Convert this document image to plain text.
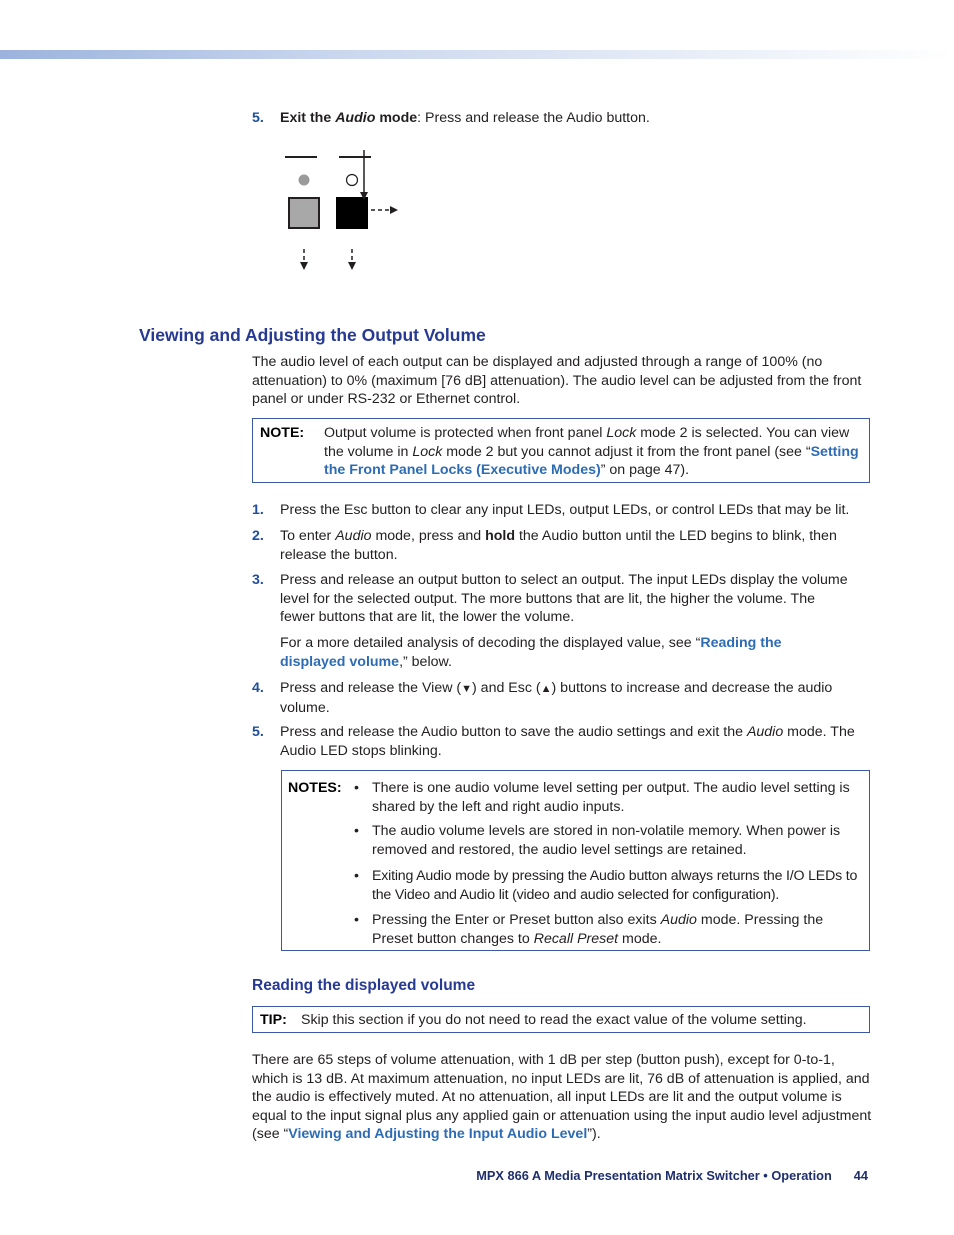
5. Exit the Audio mode: Press and release the Audio button.
Viewing and Adjusting the Output Volume
The audio level of each output can be displayed and adjusted through a range of 100% (no attenuation) to 0% (maximum [76 dB] attenuation). The audio level can be adjusted from the front panel or under RS-232 or Ethernet control.
NOTE: Output volume is protected when front panel Lock mode 2 is selected. You can view the volume in Lock mode 2 but you cannot adjust it from the front panel (see “Setting the Front Panel Locks (Executive Modes)” on page 47).
1. Press the Esc button to clear any input LEDs, output LEDs, or control LEDs that may be lit.
2. To enter Audio mode, press and hold the Audio button until the LED begins to blink, then release the button.
3. Press and release an output button to select an output. The input LEDs display the volume level for the selected output. The more buttons that are lit, the higher the volume. The fewer buttons that are lit, the lower the volume.
For a more detailed analysis of decoding the displayed value, see “Reading the displayed volume,” below.
4. Press and release the View (▼) and Esc (▲) buttons to increase and decrease the audio volume.
5. Press and release the Audio button to save the audio settings and exit the Audio mode. The Audio LED stops blinking.
NOTES: • There is one audio volume level setting per output. The audio level setting is shared by the left and right audio inputs.
• The audio volume levels are stored in non-volatile memory. When power is removed and restored, the audio level settings are retained.
• Exiting Audio mode by pressing the Audio button always returns the I/O LEDs to the Video and Audio lit (video and audio selected for configuration).
• Pressing the Enter or Preset button also exits Audio mode. Pressing the Preset button changes to Recall Preset mode.
Reading the displayed volume
TIP: Skip this section if you do not need to read the exact value of the volume setting.
There are 65 steps of volume attenuation, with 1 dB per step (button push), except for 0-to-1, which is 13 dB. At maximum attenuation, no input LEDs are lit, 76 dB of attenuation is applied, and the audio is effectively muted. At no attenuation, all input LEDs are lit and the output volume is equal to the input signal plus any applied gain or attenuation using the input audio level adjustment (see “Viewing and Adjusting the Input Audio Level”).
MPX 866 A Media Presentation Matrix Switcher • Operation 44
